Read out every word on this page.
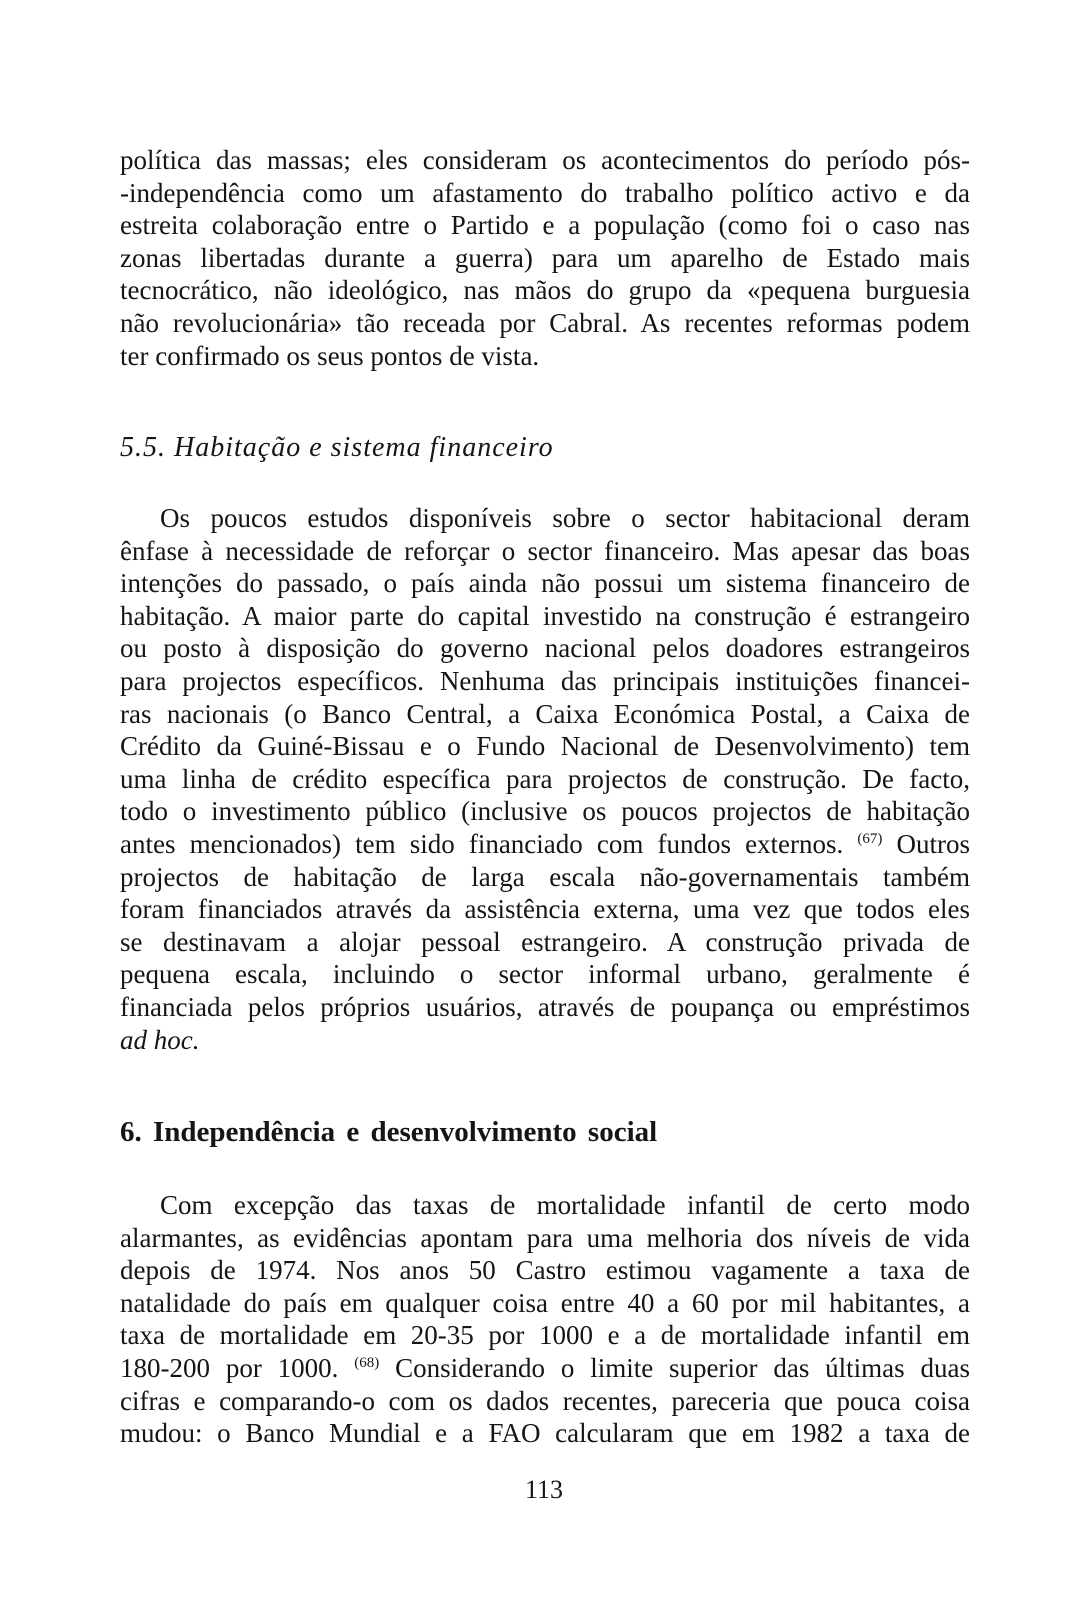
política das massas; eles consideram os acontecimentos do período pós-
-independência como um afastamento do trabalho político activo e da
estreita colaboração entre o Partido e a população (como foi o caso nas
zonas libertadas durante a guerra) para um aparelho de Estado mais
tecnocrático, não ideológico, nas mãos do grupo da «pequena burguesia
não revolucionária» tão receada por Cabral. As recentes reformas podem
ter confirmado os seus pontos de vista.
5.5. Habitação e sistema financeiro
Os poucos estudos disponíveis sobre o sector habitacional deram
ênfase à necessidade de reforçar o sector financeiro. Mas apesar das boas
intenções do passado, o país ainda não possui um sistema financeiro de
habitação. A maior parte do capital investido na construção é estrangeiro
ou posto à disposição do governo nacional pelos doadores estrangeiros
para projectos específicos. Nenhuma das principais instituições financei-
ras nacionais (o Banco Central, a Caixa Económica Postal, a Caixa de
Crédito da Guiné-Bissau e o Fundo Nacional de Desenvolvimento) tem
uma linha de crédito específica para projectos de construção. De facto,
todo o investimento público (inclusive os poucos projectos de habitação
antes mencionados) tem sido financiado com fundos externos. $^{(67)}$ Outros
projectos de habitação de larga escala não-governamentais também
foram financiados através da assistência externa, uma vez que todos eles
se destinavam a alojar pessoal estrangeiro. A construção privada de
pequena escala, incluindo o sector informal urbano, geralmente é
financiada pelos próprios usuários, através de poupança ou empréstimos
ad hoc.
6. Independência e desenvolvimento social
Com excepção das taxas de mortalidade infantil de certo modo
alarmantes, as evidências apontam para uma melhoria dos níveis de vida
depois de 1974. Nos anos 50 Castro estimou vagamente a taxa de
natalidade do país em qualquer coisa entre 40 a 60 por mil habitantes, a
taxa de mortalidade em 20-35 por 1000 e a de mortalidade infantil em
180-200 por 1000. $^{(68)}$ Considerando o limite superior das últimas duas
cifras e comparando-o com os dados recentes, pareceria que pouca coisa
mudou: o Banco Mundial e a FAO calcularam que em 1982 a taxa de
113
